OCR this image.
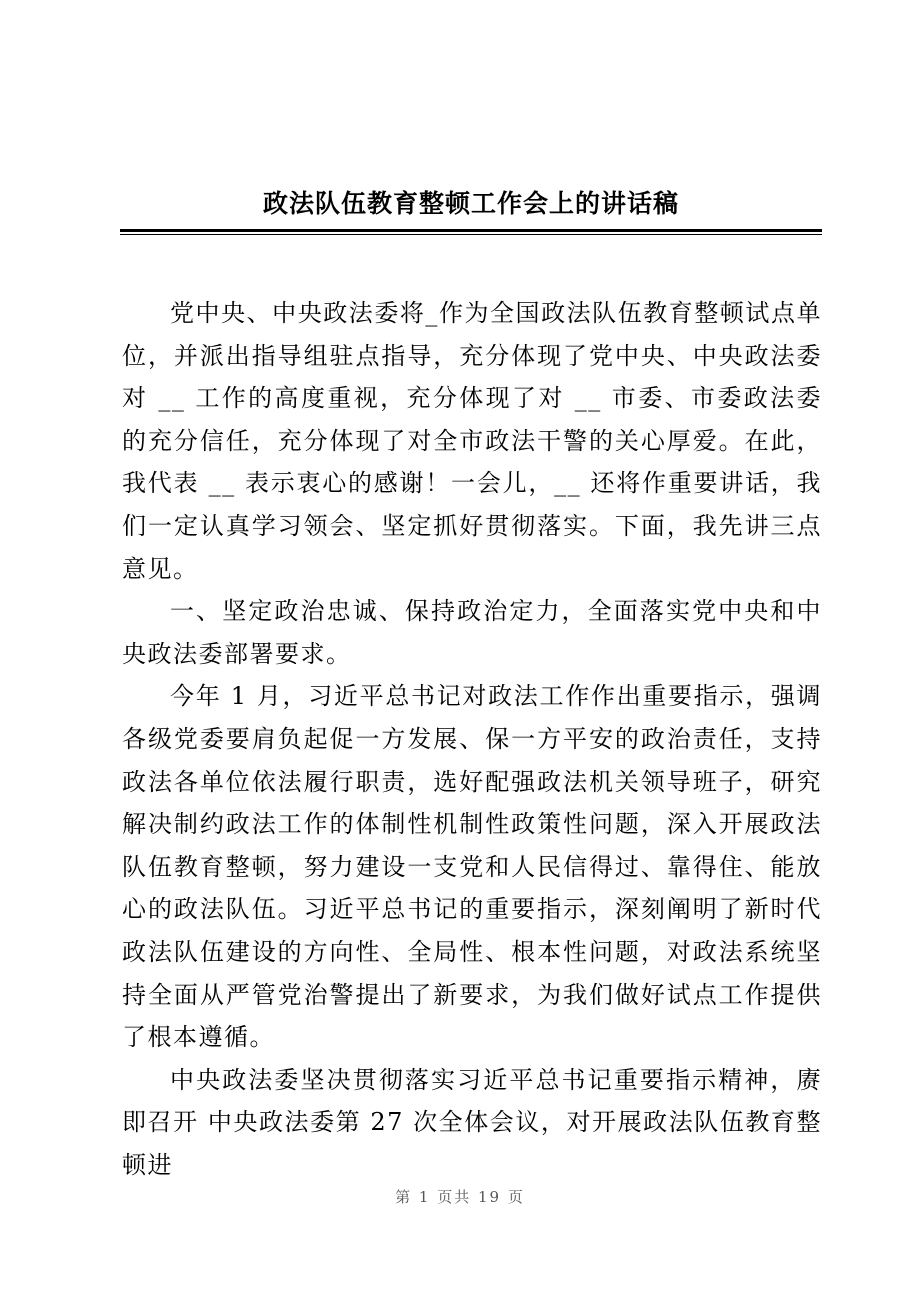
政法队伍教育整顿工作会上的讲话稿

党中央、中央政法委将_作为全国政法队伍教育整顿试点单位，并派出指导组驻点指导，充分体现了党中央、中央政法委对 __ 工作的高度重视，充分体现了对 __ 市委、市委政法委的充分信任，充分体现了对全市政法干警的关心厚爱。在此，我代表 __ 表示衷心的感谢！一会儿，__ 还将作重要讲话，我们一定认真学习领会、坚定抓好贯彻落实。下面，我先讲三点意见。

一、坚定政治忠诚、保持政治定力，全面落实党中央和中央政法委部署要求。

今年 1 月，习近平总书记对政法工作作出重要指示，强调各级党委要肩负起促一方发展、保一方平安的政治责任，支持政法各单位依法履行职责，选好配强政法机关领导班子，研究解决制约政法工作的体制性机制性政策性问题，深入开展政法队伍教育整顿，努力建设一支党和人民信得过、靠得住、能放心的政法队伍。习近平总书记的重要指示，深刻阐明了新时代政法队伍建设的方向性、全局性、根本性问题，对政法系统坚持全面从严管党治警提出了新要求，为我们做好试点工作提供了根本遵循。

中央政法委坚决贯彻落实习近平总书记重要指示精神，赓即召开 中央政法委第 27 次全体会议，对开展政法队伍教育整顿进

第 1 页共 19 页
